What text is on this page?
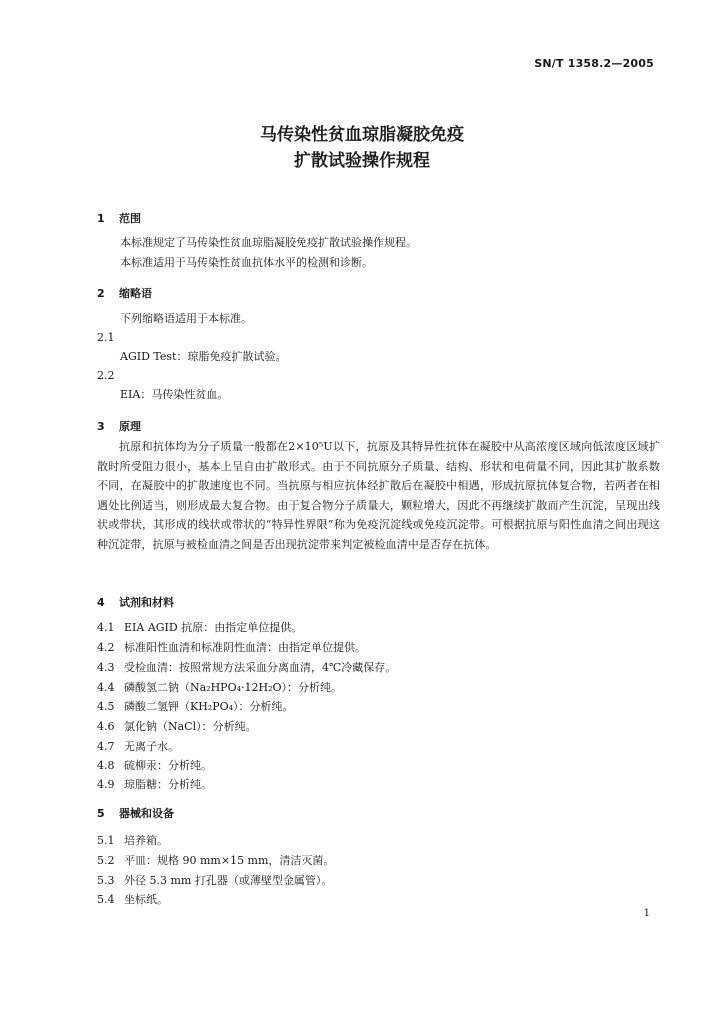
SN/T 1358.2—2005
马传染性贫血琼脂凝胶免疫
扩散试验操作规程
1 范围
本标准规定了马传染性贫血琼脂凝胶免疫扩散试验操作规程。
本标准适用于马传染性贫血抗体水平的检测和诊断。
2 缩略语
下列缩略语适用于本标准。
2.1
AGID Test：琼脂免疫扩散试验。
2.2
EIA：马传染性贫血。
3 原理
抗原和抗体均为分子质量一般都在2×10⁵U以下，抗原及其特异性抗体在凝胶中从高浓度区域向低浓度区域扩散时所受阻力很小，基本上呈自由扩散形式。由于不同抗原分子质量、结构、形状和电荷量不同，因此其扩散系数不同，在凝胶中的扩散速度也不同。当抗原与相应抗体经扩散后在凝胶中相遇，形成抗原抗体复合物，若两者在相遇处比例适当，则形成最大复合物。由于复合物分子质量大，颗粒增大，因此不再继续扩散而产生沉淀，呈现出线状或带状，其形成的线状或带状的“特异性界限”称为免疫沉淀线或免疫沉淀带。可根据抗原与阳性血清之间出现这种沉淀带，抗原与被检血清之间是否出现抗淀带来判定被检血清中是否存在抗体。
4 试剂和材料
4.1 EIA AGID 抗原：由指定单位提供。
4.2 标准阳性血清和标准阴性血清：由指定单位提供。
4.3 受检血清：按照常规方法采血分离血清，4℃冷藏保存。
4.4 磷酸氢二钠（Na₂HPO₄·12H₂O）：分析纯。
4.5 磷酸二氢钾（KH₂PO₄）：分析纯。
4.6 氯化钠（NaCl）：分析纯。
4.7 无离子水。
4.8 硫柳汞：分析纯。
4.9 琼脂糖：分析纯。
5 器械和设备
5.1 培养箱。
5.2 平皿：规格 90 mm×15 mm，清洁灭菌。
5.3 外径 5.3 mm 打孔器（或薄壁型金属管）。
5.4 坐标纸。
1
